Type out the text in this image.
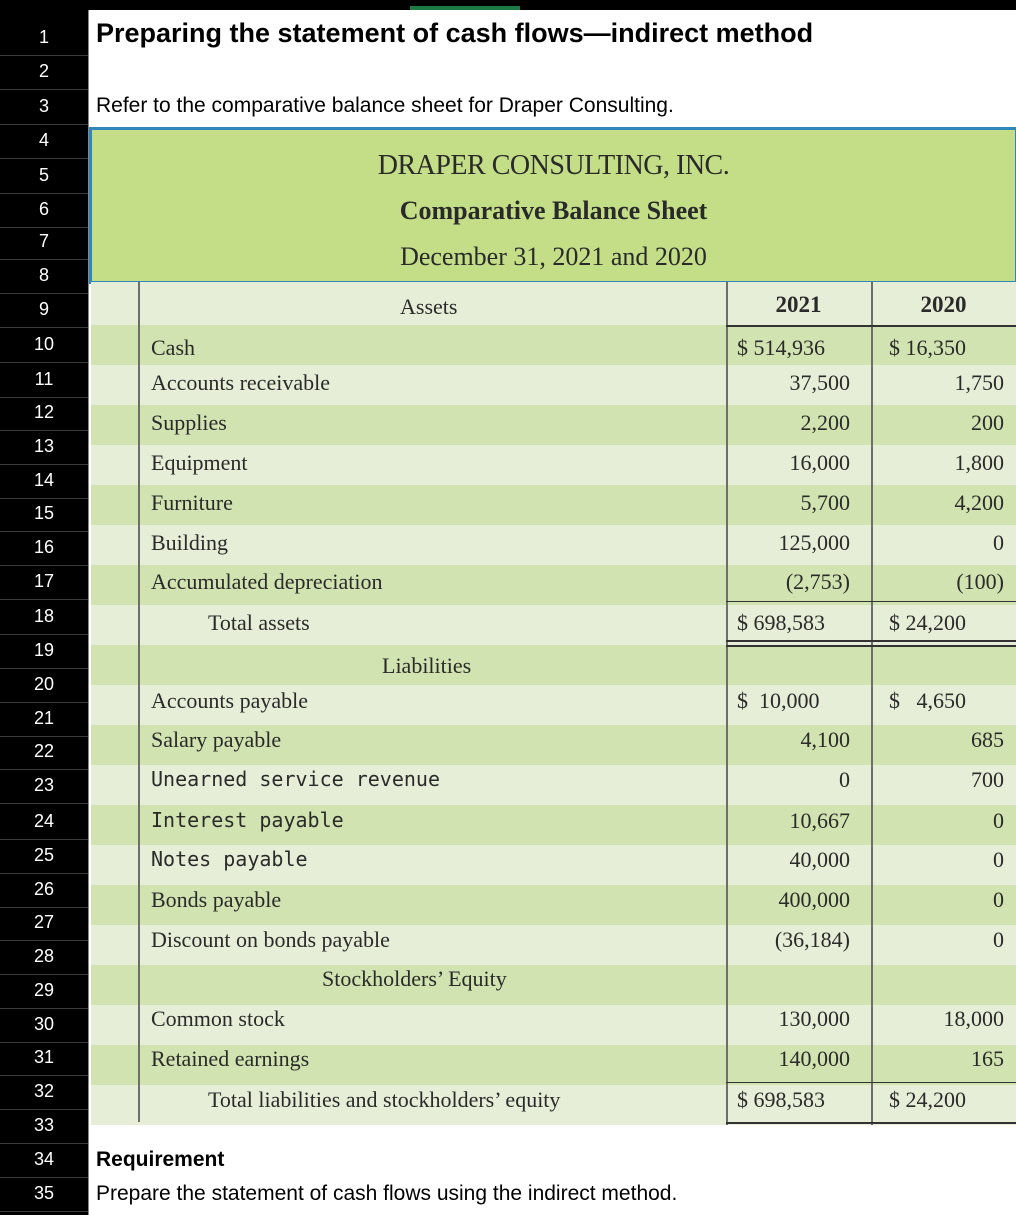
1
2
3
4
5
6
7
8
9
10
11
12
13
14
15
16
17
18
19
20
21
22
23
24
25
26
27
28
29
30
31
32
33
34
35
Preparing the statement of cash flows—indirect method
Refer to the comparative balance sheet for Draper Consulting.
DRAPER CONSULTING, INC.
Comparative Balance Sheet
December 31, 2021 and 2020
Assets	2021	2020
Cash	$ 514,936	$ 16,350
Accounts receivable	37,500	1,750
Supplies	2,200	200
Equipment	16,000	1,800
Furniture	5,700	4,200
Building	125,000	0
Accumulated depreciation	(2,753)	(100)
Total assets	$ 698,583	$ 24,200
Liabilities
Accounts payable	$  10,000	$   4,650
Salary payable	4,100	685
Unearned service revenue	0	700
Interest payable	10,667	0
Notes payable	40,000	0
Bonds payable	400,000	0
Discount on bonds payable	(36,184)	0
Stockholders’ Equity
Common stock	130,000	18,000
Retained earnings	140,000	165
Total liabilities and stockholders’ equity	$ 698,583	$ 24,200
Requirement
Prepare the statement of cash flows using the indirect method.
